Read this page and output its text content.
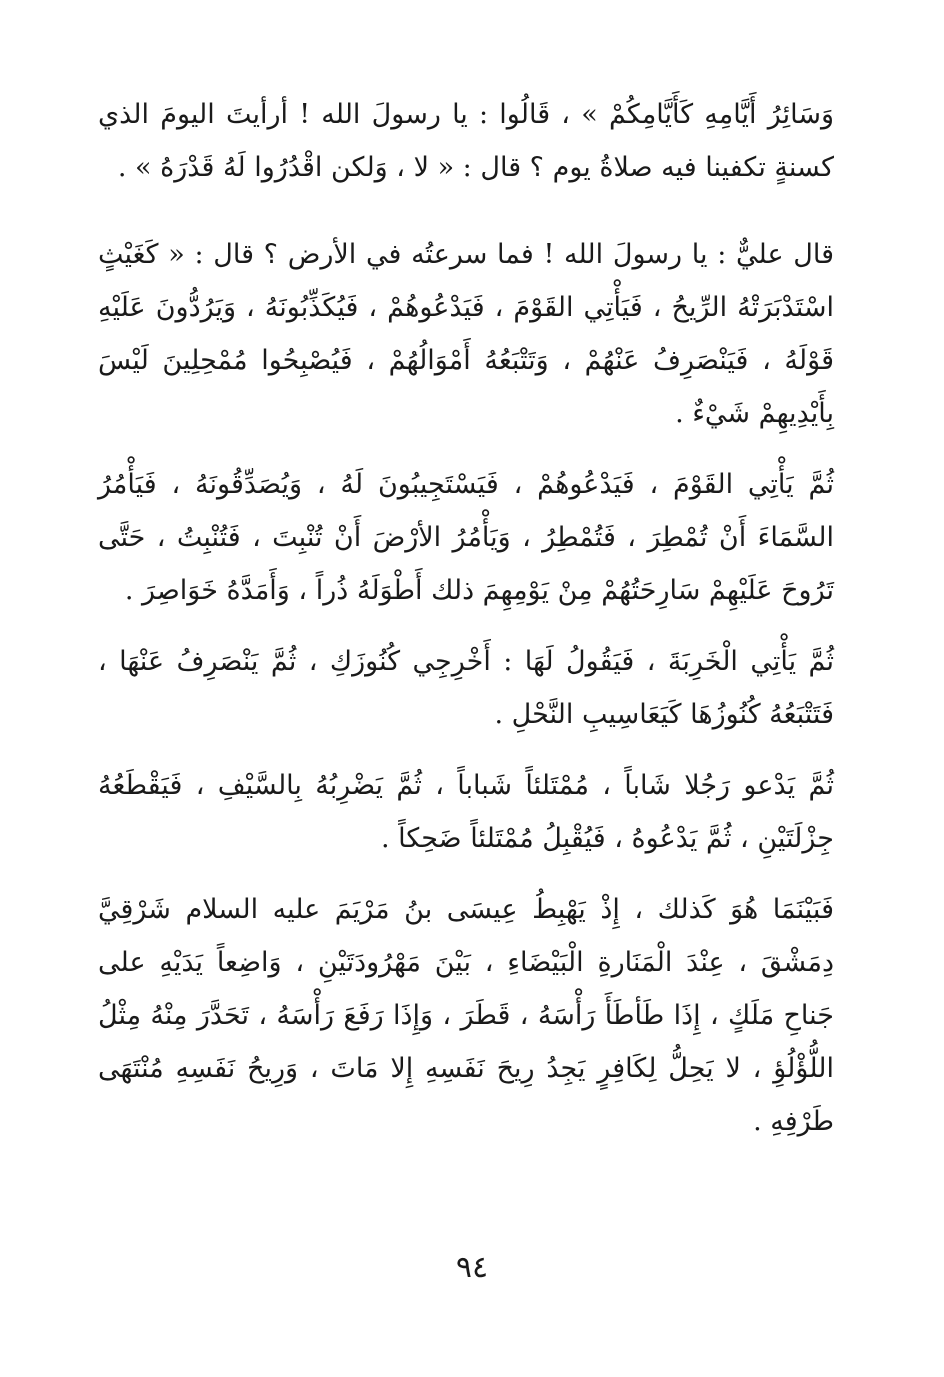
وَسَائِرُ أَيَّامِهِ كَأَيَّامِكُمْ » ، قَالُوا : يا رسولَ الله ! أرأيتَ اليومَ الذي كسنةٍ تكفينا فيه صلاةُ يوم ؟ قال : « لا ، وَلكن اقْدُرُوا لَهُ قَدْرَهُ » .

قال عليٌّ : يا رسولَ الله ! فما سرعتُه في الأرض ؟ قال : « كَغَيْثٍ اسْتَدْبَرَتْهُ الرِّيحُ ، فَيَأْتِي القَوْمَ ، فَيَدْعُوهُمْ ، فَيُكَذِّبُونَهُ ، وَيَرُدُّونَ عَلَيْهِ قَوْلَهُ ، فَيَنْصَرِفُ عَنْهُمْ ، وَتَتْبَعُهُ أَمْوَالُهُمْ ، فَيُصْبِحُوا مُمْحِلِينَ لَيْسَ بِأَيْدِيهِمْ شَيْءٌ .

ثُمَّ يَأْتِي القَوْمَ ، فَيَدْعُوهُمْ ، فَيَسْتَجِيبُونَ لَهُ ، وَيُصَدِّقُونَهُ ، فَيَأْمُرُ السَّمَاءَ أَنْ تُمْطِرَ ، فَتُمْطِرُ ، وَيَأْمُرُ الأرْضَ أَنْ تُنْبِتَ ، فَتُنْبِتُ ، حَتَّى تَرُوحَ عَلَيْهِمْ سَارِحَتُهُمْ مِنْ يَوْمِهِمَ ذلك أَطْوَلَهُ ذُراً ، وَأَمَدَّهُ خَوَاصِرَ .

ثُمَّ يَأْتِي الْخَرِبَةَ ، فَيَقُولُ لَهَا : أَخْرِجِي كُنُوزَكِ ، ثُمَّ يَنْصَرِفُ عَنْهَا ، فَتَتْبَعُهُ كُنُوزُهَا كَيَعَاسِيبِ النَّحْلِ .

ثُمَّ يَدْعو رَجُلا شَاباً ، مُمْتَلئاً شَباباً ، ثُمَّ يَضْرِبُهُ بِالسَّيْفِ ، فَيَقْطَعُهُ جِزْلَتَيْنِ ، ثُمَّ يَدْعُوهُ ، فَيُقْبِلُ مُمْتَلئاً ضَحِكاً .

فَبَيْنَمَا هُوَ كَذلك ، إِذْ يَهْبِطُ عِيسَى بنُ مَرْيَمَ عليه السلام شَرْقِيَّ دِمَشْقَ ، عِنْدَ الْمَنَارةِ الْبَيْضَاءِ ، بَيْنَ مَهْرُودَتَيْنِ ، وَاضِعاً يَدَيْهِ على جَناحِ مَلَكٍ ، إِذَا طَأطَأَ رَأْسَهُ ، قَطَرَ ، وَإِذَا رَفَعَ رَأْسَهُ ، تَحَدَّرَ مِنْهُ مِثْلُ اللُّؤْلُؤِ ، لا يَحِلُّ لِكَافِرٍ يَجِدُ رِيحَ نَفَسِهِ إِلا مَاتَ ، وَرِيحُ نَفَسِهِ مُنْتَهَى طَرْفِهِ .

٩٤
